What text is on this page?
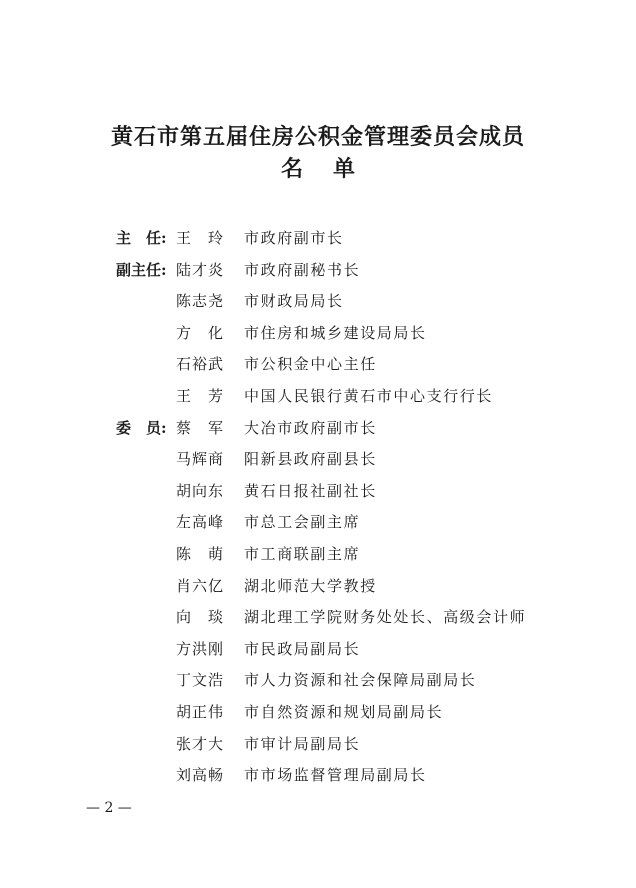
黄石市第五届住房公积金管理委员会成员
名单
主　任: 王　玲	市政府副市长
副主任: 陆才炎	市政府副秘书长
陈志尧	市财政局局长
方　化	市住房和城乡建设局局长
石裕武	市公积金中心主任
王　芳	中国人民银行黄石市中心支行行长
委　员: 蔡　军	大冶市政府副市长
马辉商	阳新县政府副县长
胡向东	黄石日报社副社长
左高峰	市总工会副主席
陈　萌	市工商联副主席
肖六亿	湖北师范大学教授
向　琰	湖北理工学院财务处处长、高级会计师
方洪刚	市民政局副局长
丁文浩	市人力资源和社会保障局副局长
胡正伟	市自然资源和规划局副局长
张才大	市审计局副局长
刘高畅	市市场监督管理局副局长
— 2 —
